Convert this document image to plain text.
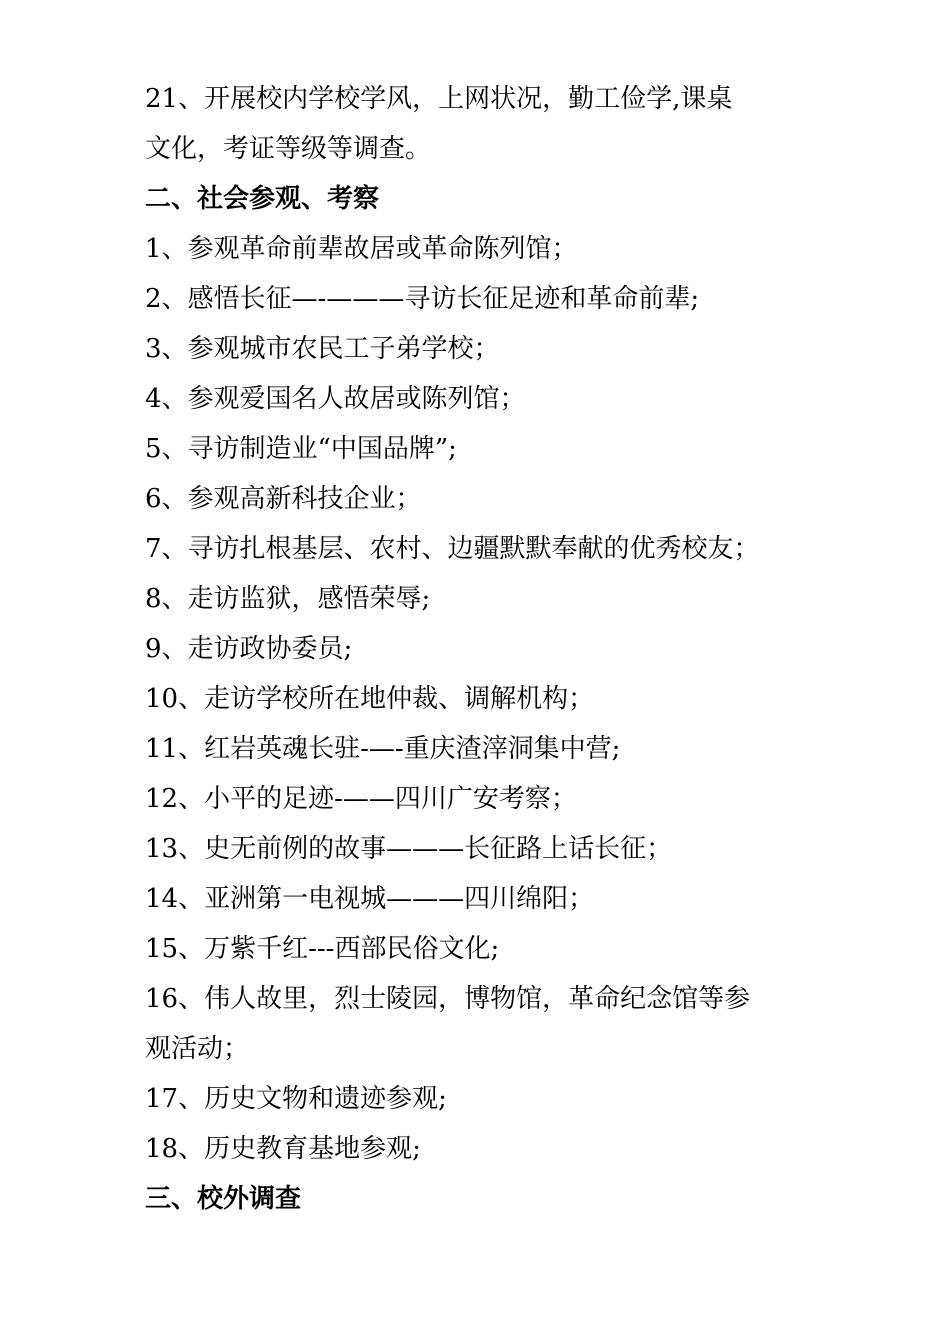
21、开展校内学校学风，上网状况，勤工俭学,课桌
文化，考证等级等调查。
二、社会参观、考察
1、参观革命前辈故居或革命陈列馆；
2、感悟长征—-———寻访长征足迹和革命前辈;
3、参观城市农民工子弟学校；
4、参观爱国名人故居或陈列馆；
5、寻访制造业“中国品牌”;
6、参观高新科技企业；
7、寻访扎根基层、农村、边疆默默奉献的优秀校友；
8、走访监狱，感悟荣辱;
9、走访政协委员;
10、走访学校所在地仲裁、调解机构；
11、红岩英魂长驻-—-重庆渣滓洞集中营;
12、小平的足迹-——四川广安考察；
13、史无前例的故事———长征路上话长征；
14、亚洲第一电视城———四川绵阳；
15、万紫千红---西部民俗文化;
16、伟人故里，烈士陵园，博物馆，革命纪念馆等参
观活动；
17、历史文物和遗迹参观;
18、历史教育基地参观;
三、校外调查
